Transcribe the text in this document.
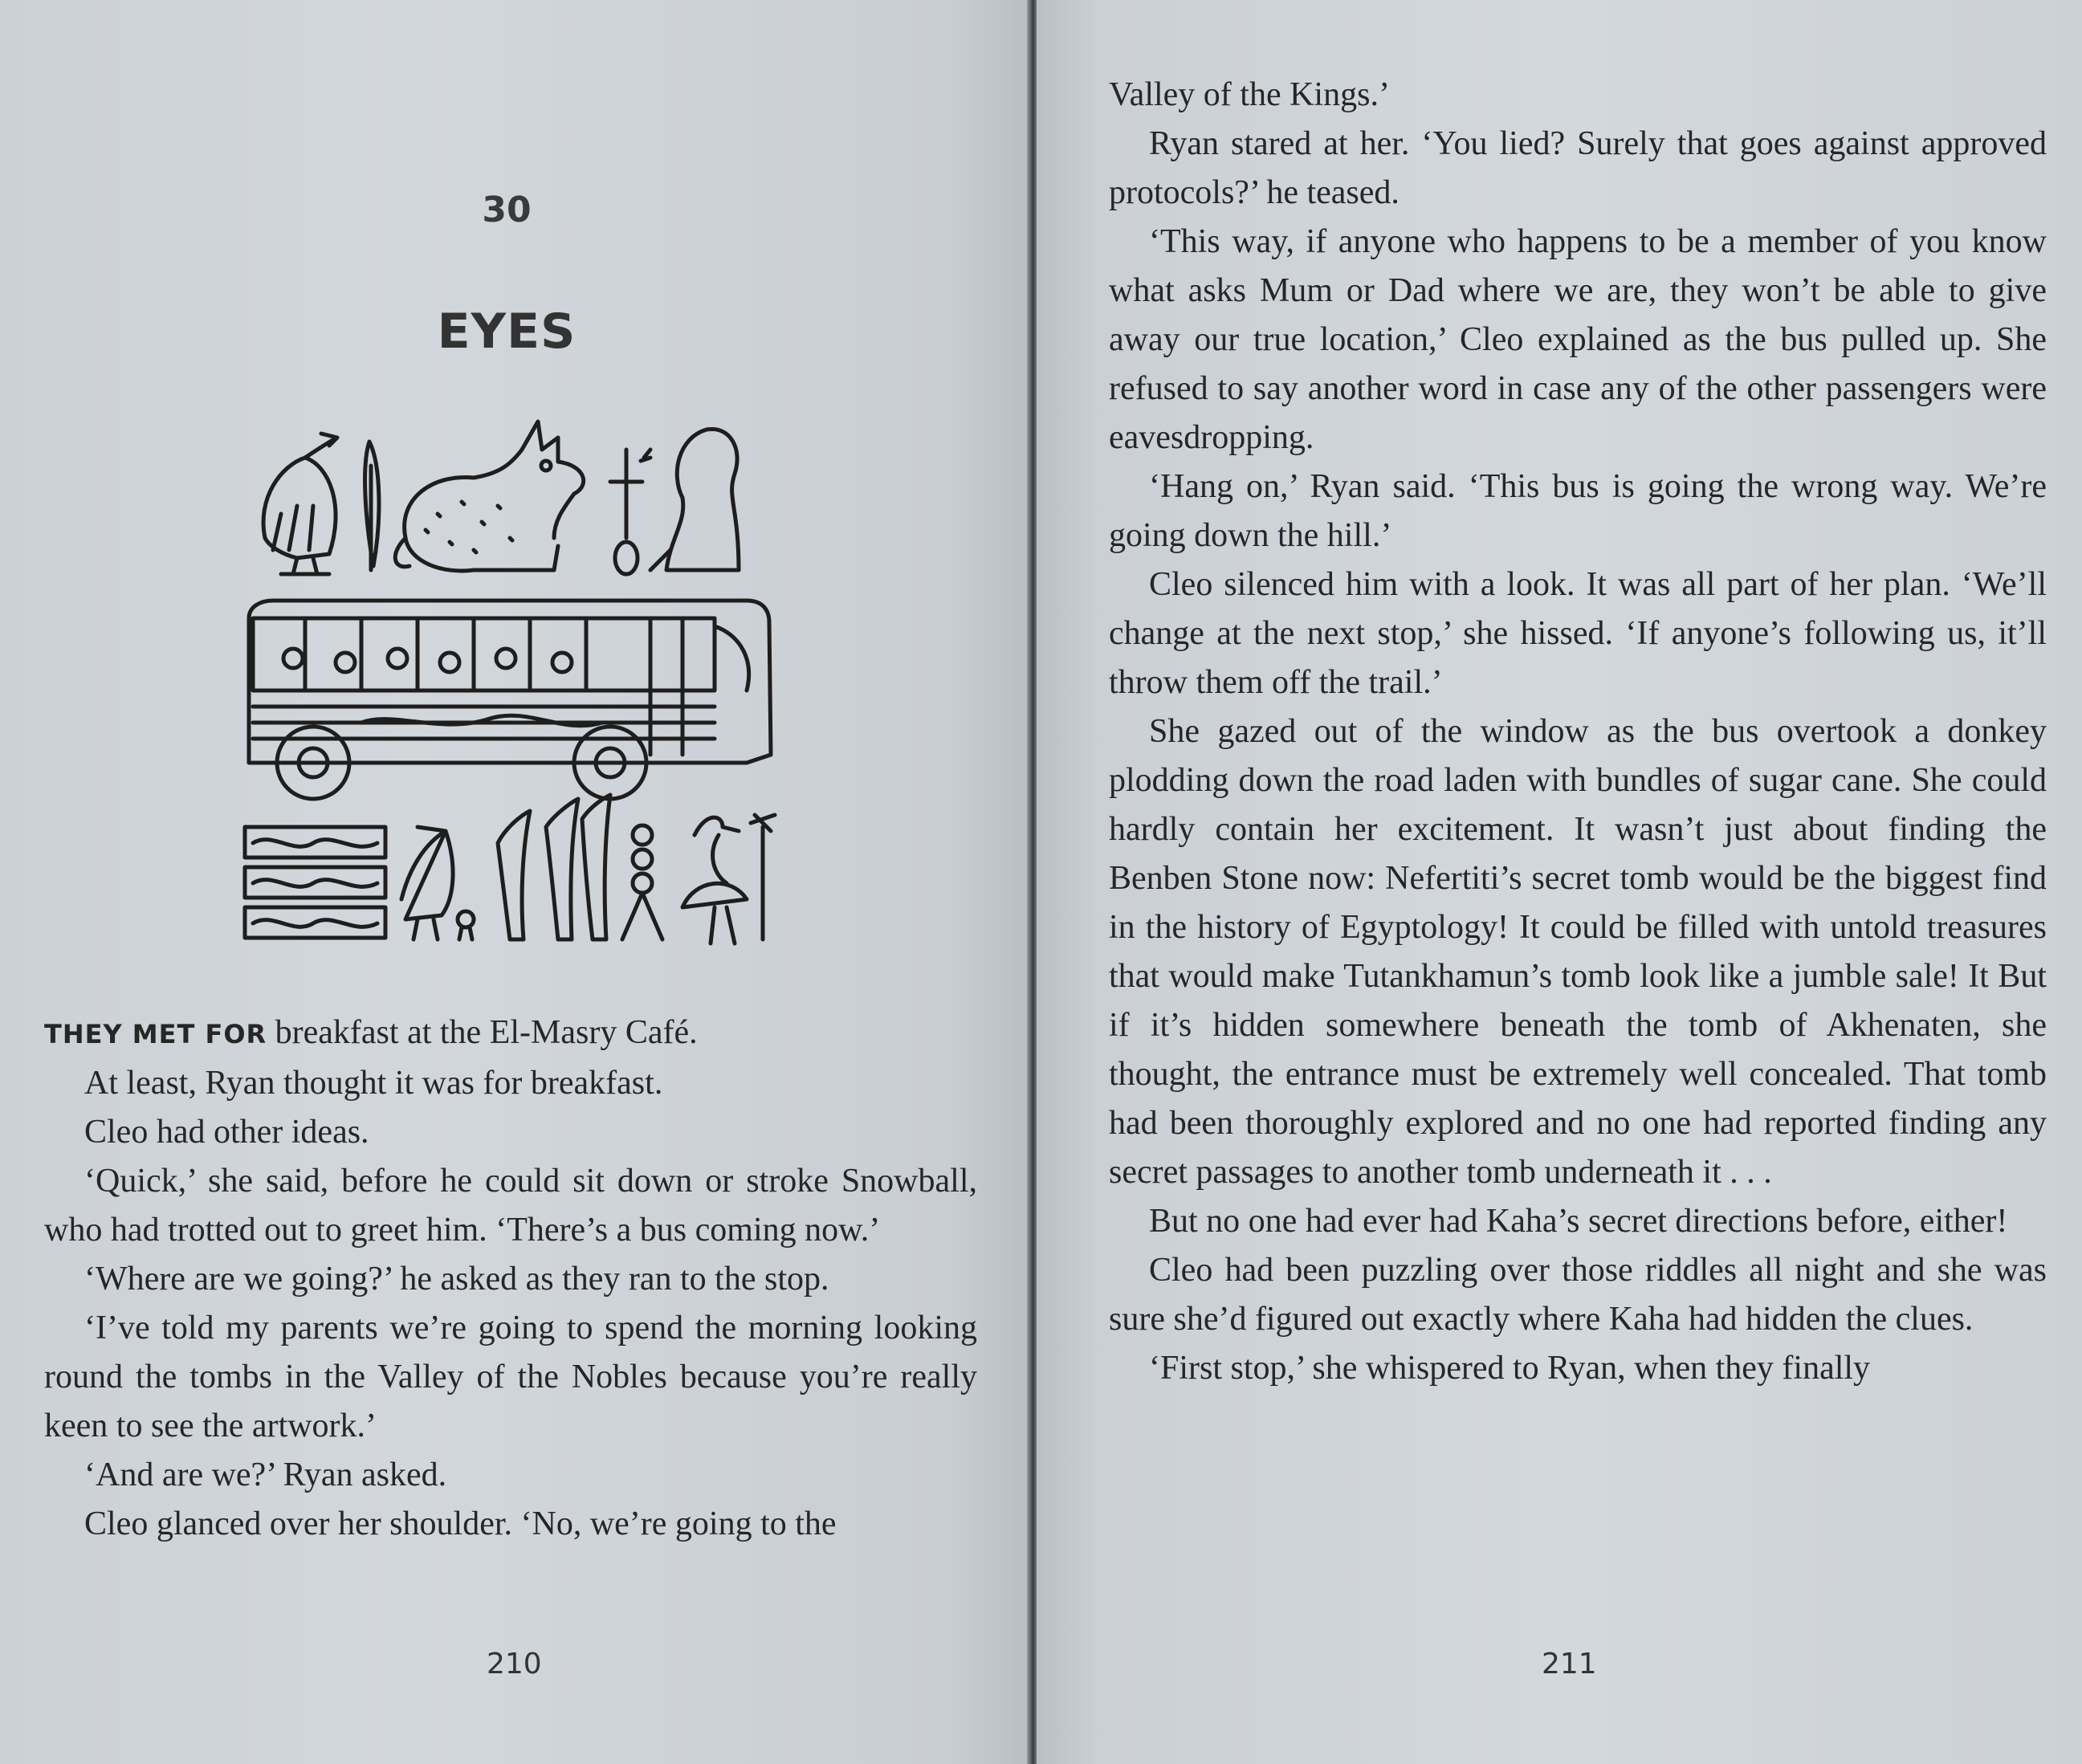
30
EYES

THEY MET FOR breakfast at the El-Masry Café.

At least, Ryan thought it was for breakfast.

Cleo had other ideas.

‘Quick,’ she said, before he could sit down or stroke Snowball, who had trotted out to greet him. ‘There’s a bus coming now.’

‘Where are we going?’ he asked as they ran to the stop.

‘I’ve told my parents we’re going to spend the morning looking round the tombs in the Valley of the Nobles because you’re really keen to see the artwork.’

‘And are we?’ Ryan asked.

Cleo glanced over her shoulder. ‘No, we’re going to the

210

Valley of the Kings.’

Ryan stared at her. ‘You lied? Surely that goes against approved protocols?’ he teased.

‘This way, if anyone who happens to be a member of you know what asks Mum or Dad where we are, they won’t be able to give away our true location,’ Cleo explained as the bus pulled up. She refused to say another word in case any of the other passengers were eavesdropping.

‘Hang on,’ Ryan said. ‘This bus is going the wrong way. We’re going down the hill.’

Cleo silenced him with a look. It was all part of her plan. ‘We’ll change at the next stop,’ she hissed. ‘If anyone’s following us, it’ll throw them off the trail.’

She gazed out of the window as the bus overtook a donkey plodding down the road laden with bundles of sugar cane. She could hardly contain her excitement. It wasn’t just about finding the Benben Stone now: Nefertiti’s secret tomb would be the biggest find in the history of Egyptology! It could be filled with untold treasures that would make Tutankhamun’s tomb look like a jumble sale! It But if it’s hidden somewhere beneath the tomb of Akhenaten, she thought, the entrance must be extremely well concealed. That tomb had been thoroughly explored and no one had reported finding any secret passages to another tomb underneath it . . .

But no one had ever had Kaha’s secret directions before, either!

Cleo had been puzzling over those riddles all night and she was sure she’d figured out exactly where Kaha had hidden the clues.

‘First stop,’ she whispered to Ryan, when they finally

211
